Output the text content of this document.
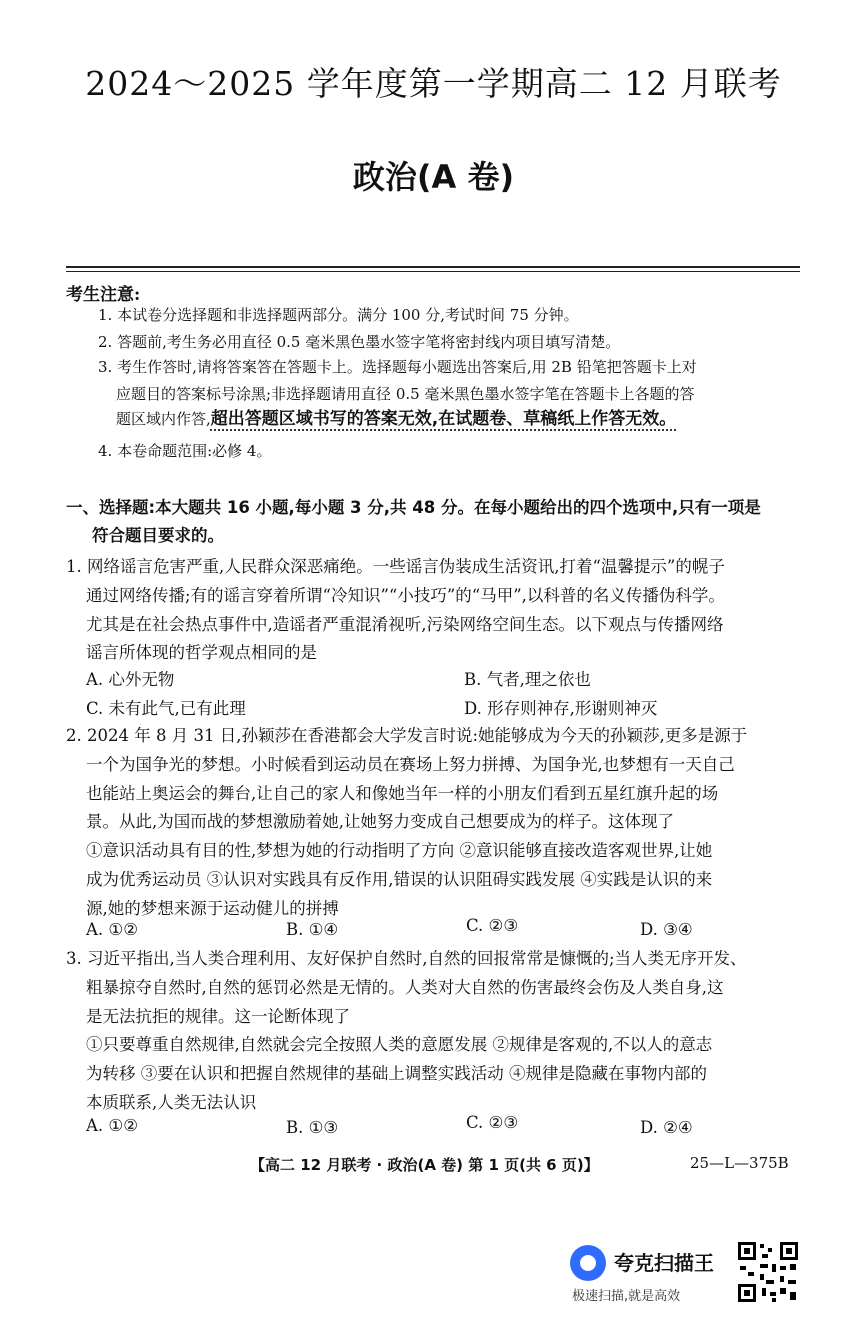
2024～2025 学年度第一学期高二 12 月联考
政治(A 卷)
考生注意:
1. 本试卷分选择题和非选择题两部分。满分 100 分,考试时间 75 分钟。
2. 答题前,考生务必用直径 0.5 毫米黑色墨水签字笔将密封线内项目填写清楚。
3. 考生作答时,请将答案答在答题卡上。选择题每小题选出答案后,用 2B 铅笔把答题卡上对
应题目的答案标号涂黑;非选择题请用直径 0.5 毫米黑色墨水签字笔在答题卡上各题的答
题区域内作答,超出答题区域书写的答案无效,在试题卷、草稿纸上作答无效。
4. 本卷命题范围:必修 4。
一、选择题:本大题共 16 小题,每小题 3 分,共 48 分。在每小题给出的四个选项中,只有一项是
符合题目要求的。
1. 网络谣言危害严重,人民群众深恶痛绝。一些谣言伪装成生活资讯,打着“温馨提示”的幌子
通过网络传播;有的谣言穿着所谓“冷知识”“小技巧”的“马甲”,以科普的名义传播伪科学。
尤其是在社会热点事件中,造谣者严重混淆视听,污染网络空间生态。以下观点与传播网络
谣言所体现的哲学观点相同的是
A. 心外无物	B. 气者,理之依也
C. 未有此气,已有此理	D. 形存则神存,形谢则神灭
2. 2024 年 8 月 31 日,孙颖莎在香港都会大学发言时说:她能够成为今天的孙颖莎,更多是源于
一个为国争光的梦想。小时候看到运动员在赛场上努力拼搏、为国争光,也梦想有一天自己
也能站上奥运会的舞台,让自己的家人和像她当年一样的小朋友们看到五星红旗升起的场
景。从此,为国而战的梦想激励着她,让她努力变成自己想要成为的样子。这体现了
①意识活动具有目的性,梦想为她的行动指明了方向 ②意识能够直接改造客观世界,让她
成为优秀运动员 ③认识对实践具有反作用,错误的认识阻碍实践发展 ④实践是认识的来
源,她的梦想来源于运动健儿的拼搏
A. ①②	B. ①④	C. ②③	D. ③④
3. 习近平指出,当人类合理利用、友好保护自然时,自然的回报常常是慷慨的;当人类无序开发、
粗暴掠夺自然时,自然的惩罚必然是无情的。人类对大自然的伤害最终会伤及人类自身,这
是无法抗拒的规律。这一论断体现了
①只要尊重自然规律,自然就会完全按照人类的意愿发展 ②规律是客观的,不以人的意志
为转移 ③要在认识和把握自然规律的基础上调整实践活动 ④规律是隐藏在事物内部的
本质联系,人类无法认识
A. ①②	B. ①③	C. ②③	D. ②④
【高二 12 月联考 · 政治(A 卷) 第 1 页(共 6 页)】	25—L—375B
夸克扫描王
极速扫描,就是高效
